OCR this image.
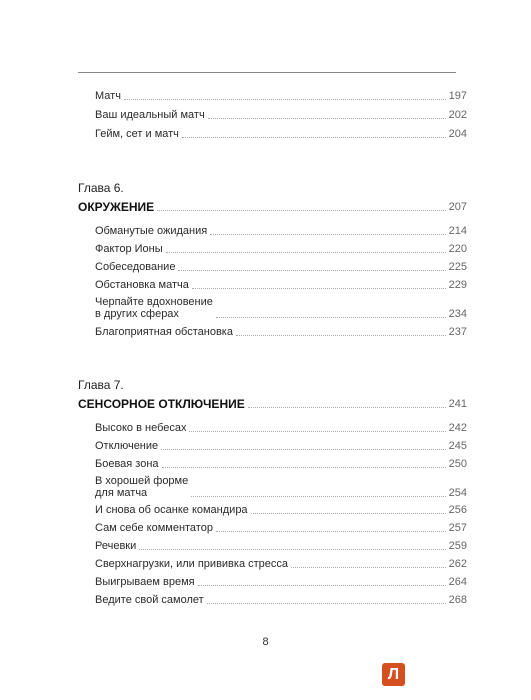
Матч	197
Ваш идеальный матч	202
Гейм, сет и матч	204
Глава 6.
ОКРУЖЕНИЕ	207
Обманутые ожидания	214
Фактор Ионы	220
Собеседование	225
Обстановка матча	229
Черпайте вдохновение
в других сферах	234
Благоприятная обстановка	237
Глава 7.
СЕНСОРНОЕ ОТКЛЮЧЕНИЕ	241
Высоко в небесах	242
Отключение	245
Боевая зона	250
В хорошей форме
для матча	254
И снова об осанке командира	256
Сам себе комментатор	257
Речевки	259
Сверхнагрузки, или прививка стресса	262
Выигрываем время	264
Ведите свой самолет	268
8
Л
